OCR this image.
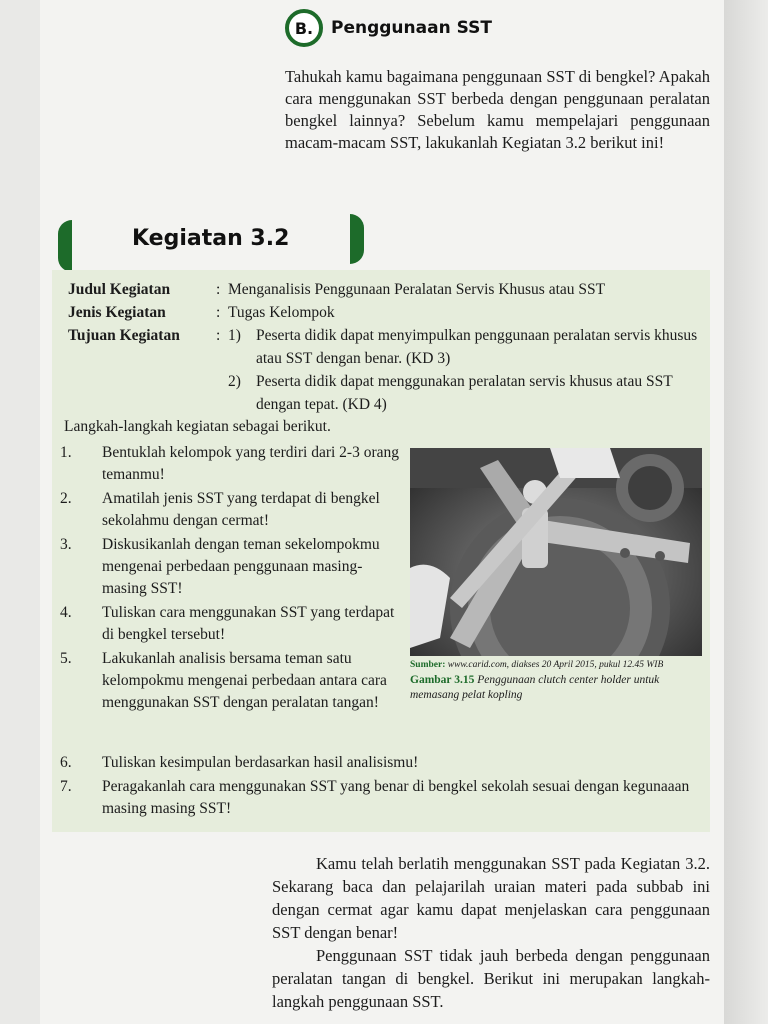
B.	Penggunaan SST

Tahukah kamu bagaimana penggunaan SST di bengkel? Apakah cara menggunakan SST berbeda dengan penggunaan peralatan bengkel lainnya? Sebelum kamu mempelajari penggunaan macam-macam SST, lakukanlah Kegiatan 3.2 berikut ini!

Kegiatan 3.2
Judul Kegiatan	: Menganalisis Penggunaan Peralatan Servis Khusus atau SST
Jenis Kegiatan	: Tugas Kelompok
Tujuan Kegiatan	: 1) Peserta didik dapat menyimpulkan penggunaan peralatan servis khusus atau SST dengan benar. (KD 3)
2) Peserta didik dapat menggunakan peralatan servis khusus atau SST dengan tepat. (KD 4)
Langkah-langkah kegiatan sebagai berikut.
1.	Bentuklah kelompok yang terdiri dari 2-3 orang temanmu!
2.	Amatilah jenis SST yang terdapat di bengkel sekolahmu dengan cermat!
3.	Diskusikanlah dengan teman sekelompokmu mengenai perbedaan penggunaan masing-masing SST!
4.	Tuliskan cara menggunakan SST yang terdapat di bengkel tersebut!
5.	Lakukanlah analisis bersama teman satu kelompokmu mengenai perbedaan antara cara menggunakan SST dengan peralatan tangan!
6.	Tuliskan kesimpulan berdasarkan hasil analisismu!
7.	Peragakanlah cara menggunakan SST yang benar di bengkel sekolah sesuai dengan kegunaaan masing masing SST!
Sumber: www.carid.com, diakses 20 April 2015, pukul 12.45 WIB
Gambar 3.15 Penggunaan clutch center holder untuk memasang pelat kopling

Kamu telah berlatih menggunakan SST pada Kegiatan 3.2. Sekarang baca dan pelajarilah uraian materi pada subbab ini dengan cermat agar kamu dapat menjelaskan cara penggunaan SST dengan benar!

Penggunaan SST tidak jauh berbeda dengan penggunaan peralatan tangan di bengkel. Berikut ini merupakan langkah-langkah penggunaan SST.
